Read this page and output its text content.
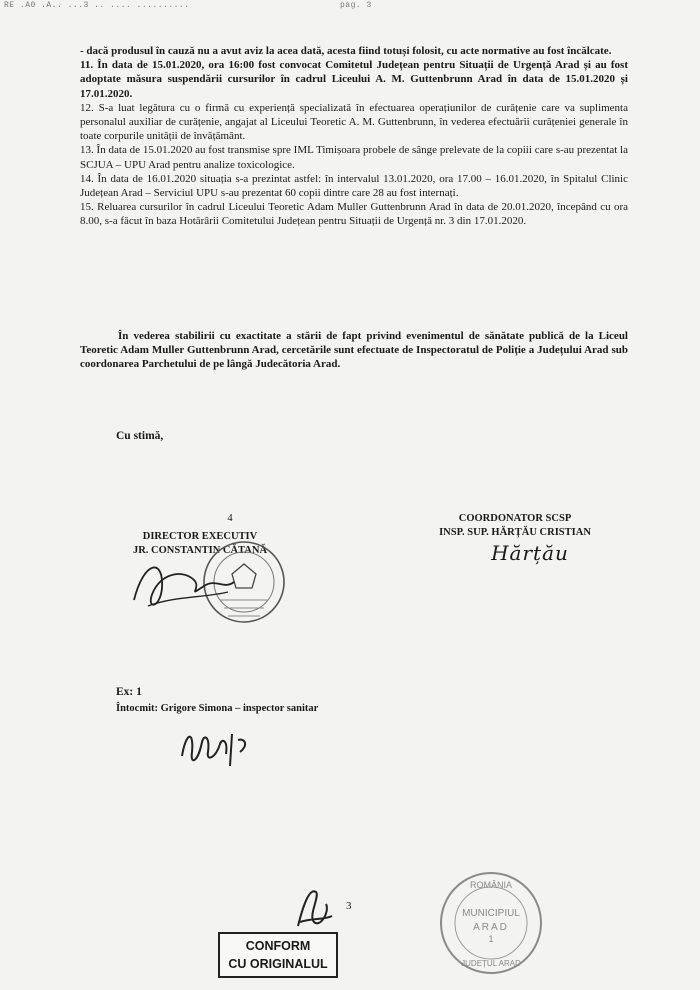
RE .A0 .A.. ...3 .. .... ..........	pag. 3

- dacă produsul în cauză nu a avut aviz la acea dată, acesta fiind totuși folosit, cu acte normative au fost încălcate.

11. În data de 15.01.2020, ora 16:00 fost convocat Comitetul Județean pentru Situații de Urgență Arad și au fost adoptate măsura suspendării cursurilor în cadrul Liceului A. M. Guttenbrunn Arad în data de 15.01.2020 și 17.01.2020.

12. S-a luat legătura cu o firmă cu experiență specializată în efectuarea operațiunilor de curățenie care va suplimenta personalul auxiliar de curățenie, angajat al Liceului Teoretic A. M. Guttenbrunn, în vederea efectuării curățeniei generale în toate corpurile unității de învățământ.

13. În data de 15.01.2020 au fost transmise spre IML Timișoara probele de sânge prelevate de la copiii care s-au prezentat la SCJUA – UPU Arad pentru analize toxicologice.

14. În data de 16.01.2020 situația s-a prezintat astfel: în intervalul 13.01.2020, ora 17.00 – 16.01.2020, în Spitalul Clinic Județean Arad – Serviciul UPU s-au prezentat 60 copii dintre care 28 au fost internați.

15. Reluarea cursurilor în cadrul Liceului Teoretic Adam Muller Guttenbrunn Arad în data de 20.01.2020, începând cu ora 8.00, s-a făcut în baza Hotărârii Comitetului Județean pentru Situații de Urgență nr. 3 din 17.01.2020.

În vederea stabilirii cu exactitate a stării de fapt privind evenimentul de sănătate publică de la Liceul Teoretic Adam Muller Guttenbrunn Arad, cercetările sunt efectuate de Inspectoratul de Poliție a Județului Arad sub coordonarea Parchetului de pe lângă Judecătoria Arad.

Cu stimă,
4
DIRECTOR EXECUTIV
JR. CONSTANTIN CĂTANĂ
COORDONATOR SCSP
INSP. SUP. HĂRȚĂU CRISTIAN
Hărțău
Ex: 1
Întocmit: Grigore Simona – inspector sanitar
3
CONFORM
CU ORIGINALUL
ROMÂNIA
MUNICIPIUL
ARAD
1
JUDEȚUL ARAD
